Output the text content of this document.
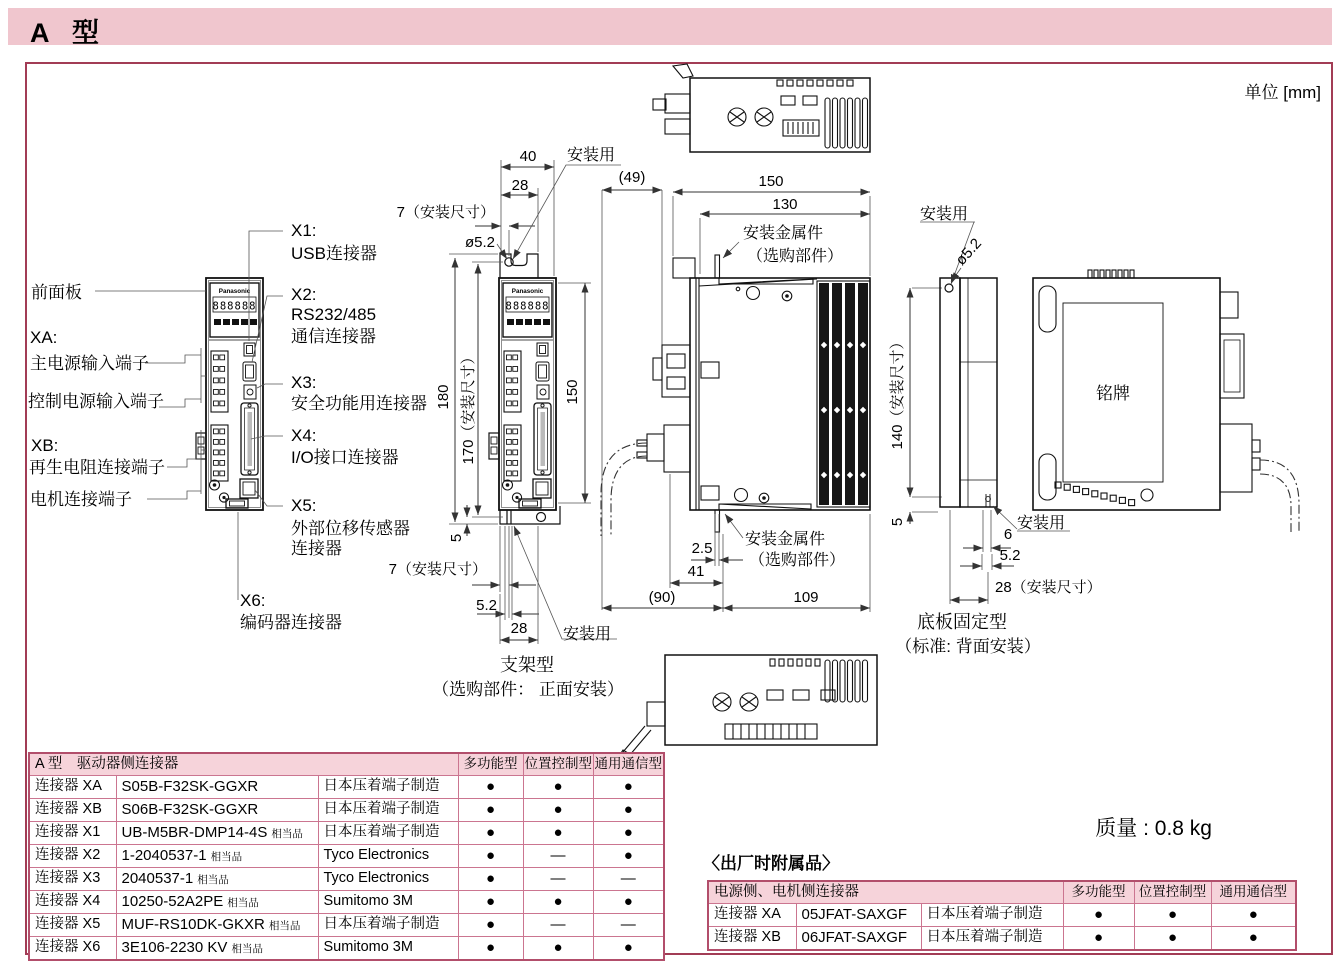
A 型
单位 [mm]
前面板
XA:
主电源输入端子
控制电源输入端子
XB:
再生电阻连接端子
电机连接端子
X1:
USB连接器
X2:
RS232/485
通信连接器
X3:
安全功能用连接器
X4:
I/O接口连接器
X5:
外部位移传感器
连接器
X6:
编码器连接器
40
28
7（安装尺寸）
ø5.2
安装用
(49)
180 170（安装尺寸）	150
5
7（安装尺寸）
5.2
28 安装用
支架型
（选购部件： 正面安装）
150
130
安装金属件
（选购部件）
安装金属件
（选购部件）
2.5
41
(90)	109
140（安装尺寸）
5
安装用
ø5.2
安装用
6
5.2
28（安装尺寸）
底板固定型
（标准: 背面安装）
铭牌
质量 : 0.8 kg
〈出厂时附属品〉
A 型　驱动器侧连接器			多功能型	位置控制型	通用通信型
连接器 XA	S05B-F32SK-GGXR	日本压着端子制造	●	●	●
连接器 XB	S06B-F32SK-GGXR	日本压着端子制造	●	●	●
连接器 X1	UB-M5BR-DMP14-4S 相当品	日本压着端子制造	●	●	●
连接器 X2	1-2040537-1 相当品	Tyco Electronics	●	—	●
连接器 X3	2040537-1 相当品	Tyco Electronics	●	—	—
连接器 X4	10250-52A2PE 相当品	Sumitomo 3M	●	●	●
连接器 X5	MUF-RS10DK-GKXR 相当品	日本压着端子制造	●	—	—
连接器 X6	3E106-2230 KV 相当品	Sumitomo 3M	●	●	●
电源侧、电机侧连接器			多功能型	位置控制型	通用通信型
连接器 XA	05JFAT-SAXGF	日本压着端子制造	●	●	●
连接器 XB	06JFAT-SAXGF	日本压着端子制造	●	●	●
